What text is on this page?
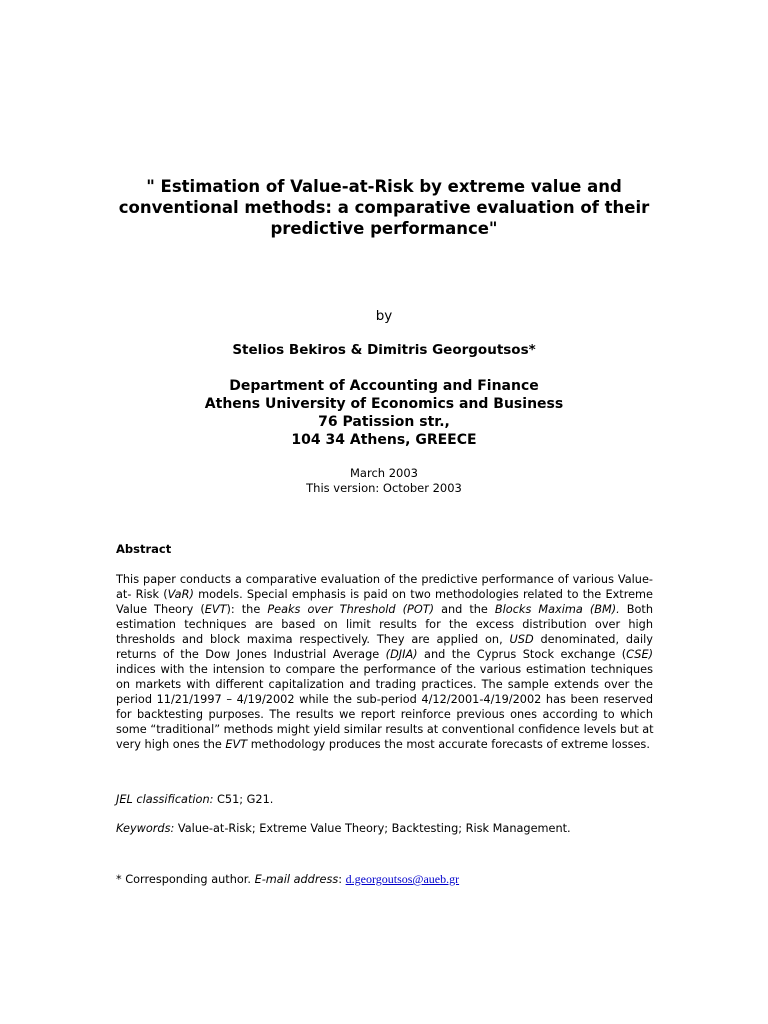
" Estimation of Value-at-Risk by extreme value and
conventional methods: a comparative evaluation of their
predictive performance"
by
Stelios Bekiros & Dimitris Georgoutsos*
Department of Accounting and Finance
Athens University of Economics and Business
76 Patission str.,
104 34 Athens, GREECE
March 2003
This version: October 2003
Abstract
This paper conducts a comparative evaluation of the predictive performance of various Value-
at- Risk (VaR) models. Special emphasis is paid on two methodologies related to the Extreme
Value Theory (EVT): the Peaks over Threshold (POT) and the Blocks Maxima (BM). Both
estimation techniques are based on limit results for the excess distribution over high
thresholds and block maxima respectively. They are applied on, USD denominated, daily
returns of the Dow Jones Industrial Average (DJIA) and the Cyprus Stock exchange (CSE)
indices with the intension to compare the performance of the various estimation techniques
on markets with different capitalization and trading practices. The sample extends over the
period 11/21/1997 – 4/19/2002 while the sub-period 4/12/2001-4/19/2002 has been reserved
for backtesting purposes. The results we report reinforce previous ones according to which
some “traditional” methods might yield similar results at conventional confidence levels but at
very high ones the EVT methodology produces the most accurate forecasts of extreme losses.
JEL classification: C51; G21.
Keywords: Value-at-Risk; Extreme Value Theory; Backtesting; Risk Management.
* Corresponding author. E-mail address: d.georgoutsos@aueb.gr
